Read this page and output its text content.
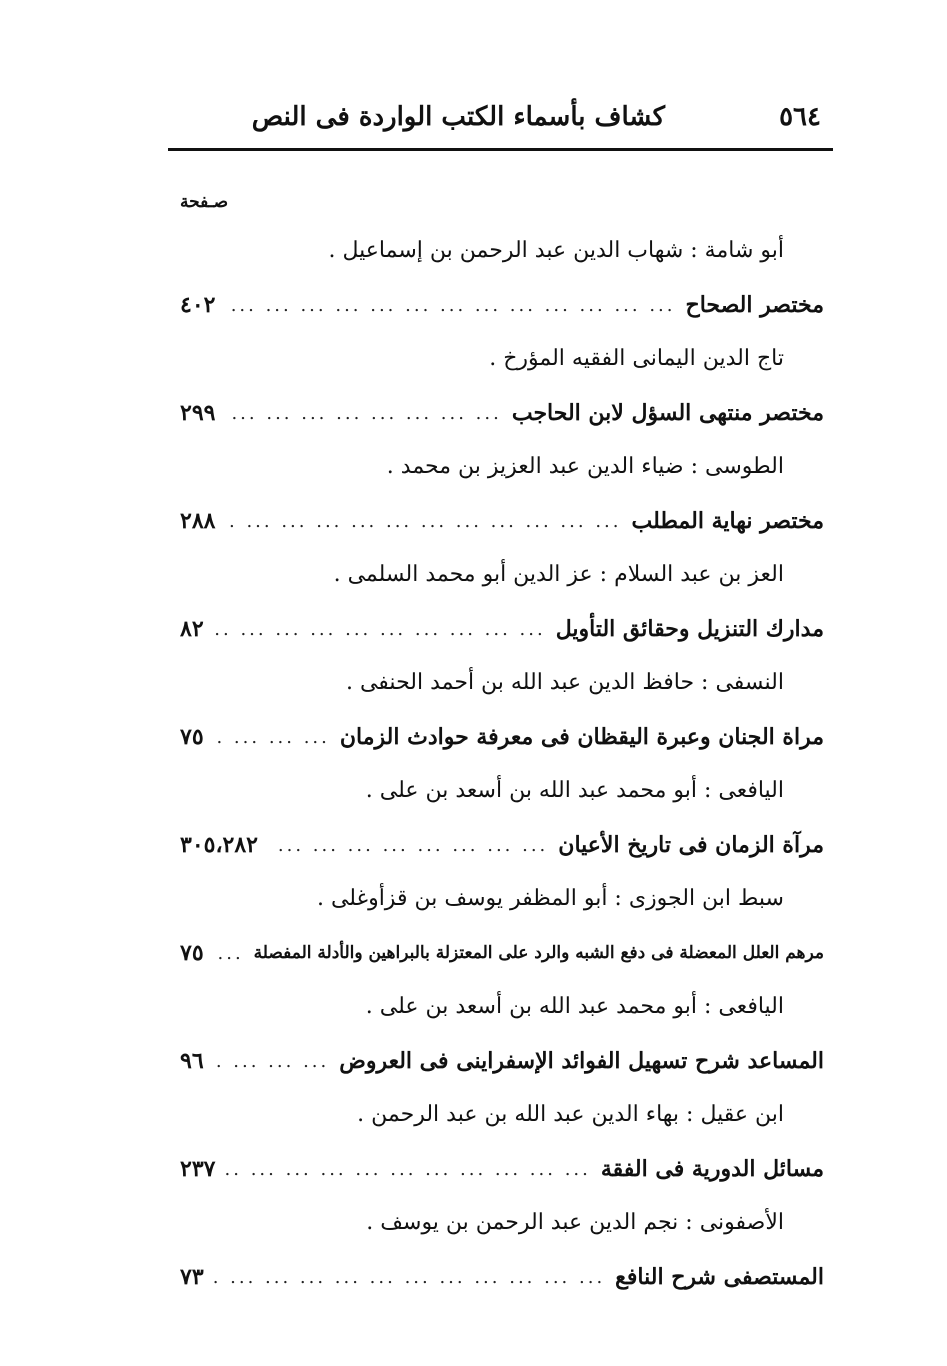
٥٦٤
كشاف بأسماء الكتب الواردة فى النص
صـفحة
أبو شامة : شهاب الدين عبد الرحمن بن إسماعيل .
مختصر الصحاح
... .
٤٠٢
تاج الدين اليمانى الفقيه المؤرخ .
مختصر منتهى السؤل لابن الحاجب
... .
٢٩٩
الطوسى : ضياء الدين عبد العزيز بن محمد .
مختصر نهاية المطلب
... .
٢٨٨
العز بن عبد السلام : عز الدين أبو محمد السلمى .
مدارك التنزيل وحقائق التأويل
... .
٨٢
النسفى : حافظ الدين عبد الله بن أحمد الحنفى .
مراة الجنان وعبرة اليقظان فى معرفة حوادث الزمان
... .
٧٥
اليافعى : أبو محمد عبد الله بن أسعد بن على .
مرآة الزمان فى تاريخ الأعيان
... .
٣٠٥،٢٨٢
سبط ابن الجوزى : أبو المظفر يوسف بن قزأوغلى .
مرهم العلل المعضلة فى دفع الشبه والرد على المعتزلة بالبراهين والأدلة المفصلة
... .
٧٥
اليافعى : أبو محمد عبد الله بن أسعد بن على .
المساعد شرح تسهيل الفوائد الإسفراينى فى العروض
... .
٩٦
ابن عقيل : بهاء الدين عبد الله بن عبد الرحمن .
مسائل الدورية فى الفقة
... .
٢٣٧
الأصفونى : نجم الدين عبد الرحمن بن يوسف .
المستصفى شرح النافع
... .
٧٣
